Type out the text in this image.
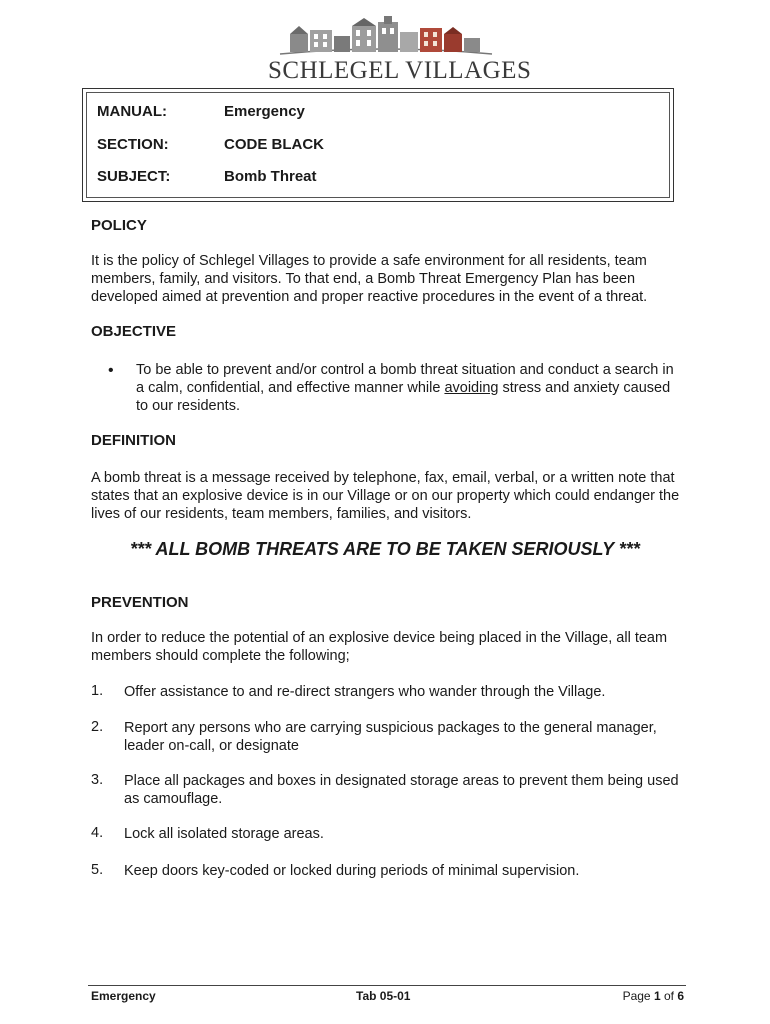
SCHLEGEL VILLAGES
MANUAL:	Emergency
SECTION:	CODE BLACK
SUBJECT:	Bomb Threat
POLICY
It is the policy of Schlegel Villages to provide a safe environment for all residents, team members, family, and visitors. To that end, a Bomb Threat Emergency Plan has been developed aimed at prevention and proper reactive procedures in the event of a threat.
OBJECTIVE
• To be able to prevent and/or control a bomb threat situation and conduct a search in a calm, confidential, and effective manner while avoiding stress and anxiety caused to our residents.
DEFINITION
A bomb threat is a message received by telephone, fax, email, verbal, or a written note that states that an explosive device is in our Village or on our property which could endanger the lives of our residents, team members, families, and visitors.
*** ALL BOMB THREATS ARE TO BE TAKEN SERIOUSLY ***
PREVENTION
In order to reduce the potential of an explosive device being placed in the Village, all team members should complete the following;
1. Offer assistance to and re-direct strangers who wander through the Village.
2. Report any persons who are carrying suspicious packages to the general manager, leader on-call, or designate
3. Place all packages and boxes in designated storage areas to prevent them being used as camouflage.
4. Lock all isolated storage areas.
5. Keep doors key-coded or locked during periods of minimal supervision.
Emergency	Tab 05-01	Page 1 of 6
